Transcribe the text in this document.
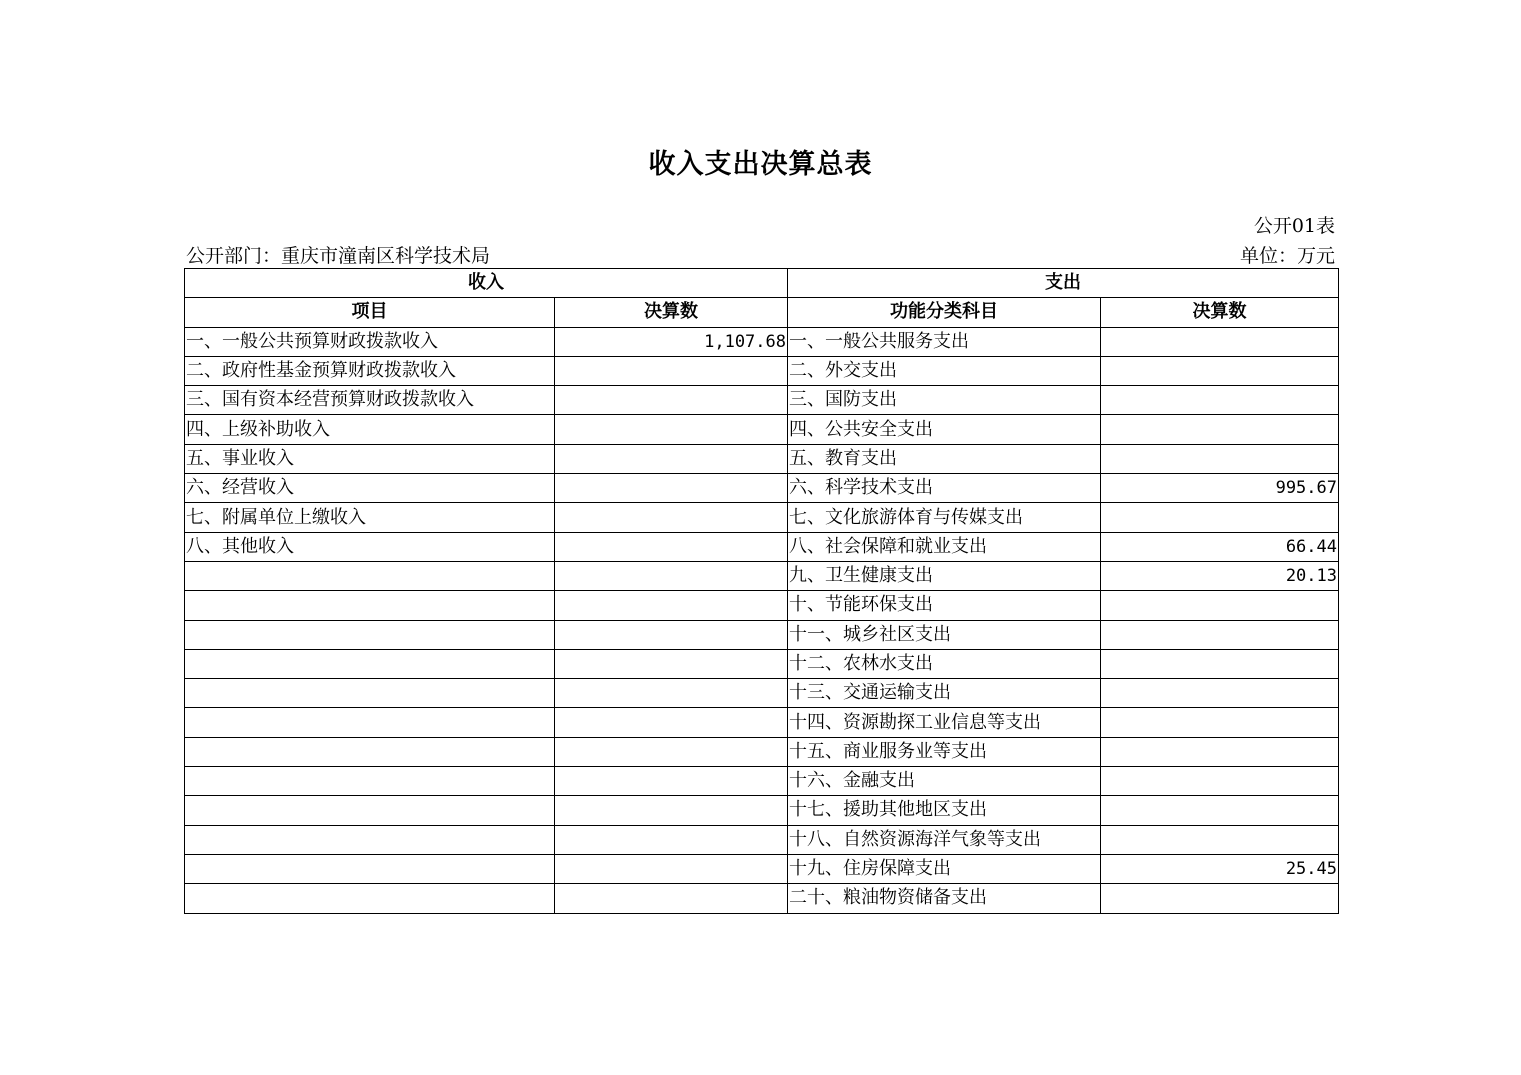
收入支出决算总表
公开01表
公开部门：重庆市潼南区科学技术局	单位：万元
收入		支出	
项目	决算数	功能分类科目	决算数
一、一般公共预算财政拨款收入	1,107.68	一、一般公共服务支出	
二、政府性基金预算财政拨款收入		二、外交支出	
三、国有资本经营预算财政拨款收入		三、国防支出	
四、上级补助收入		四、公共安全支出	
五、事业收入		五、教育支出	
六、经营收入		六、科学技术支出	995.67
七、附属单位上缴收入		七、文化旅游体育与传媒支出	
八、其他收入		八、社会保障和就业支出	66.44
		九、卫生健康支出	20.13
		十、节能环保支出	
		十一、城乡社区支出	
		十二、农林水支出	
		十三、交通运输支出	
		十四、资源勘探工业信息等支出	
		十五、商业服务业等支出	
		十六、金融支出	
		十七、援助其他地区支出	
		十八、自然资源海洋气象等支出	
		十九、住房保障支出	25.45
		二十、粮油物资储备支出	
